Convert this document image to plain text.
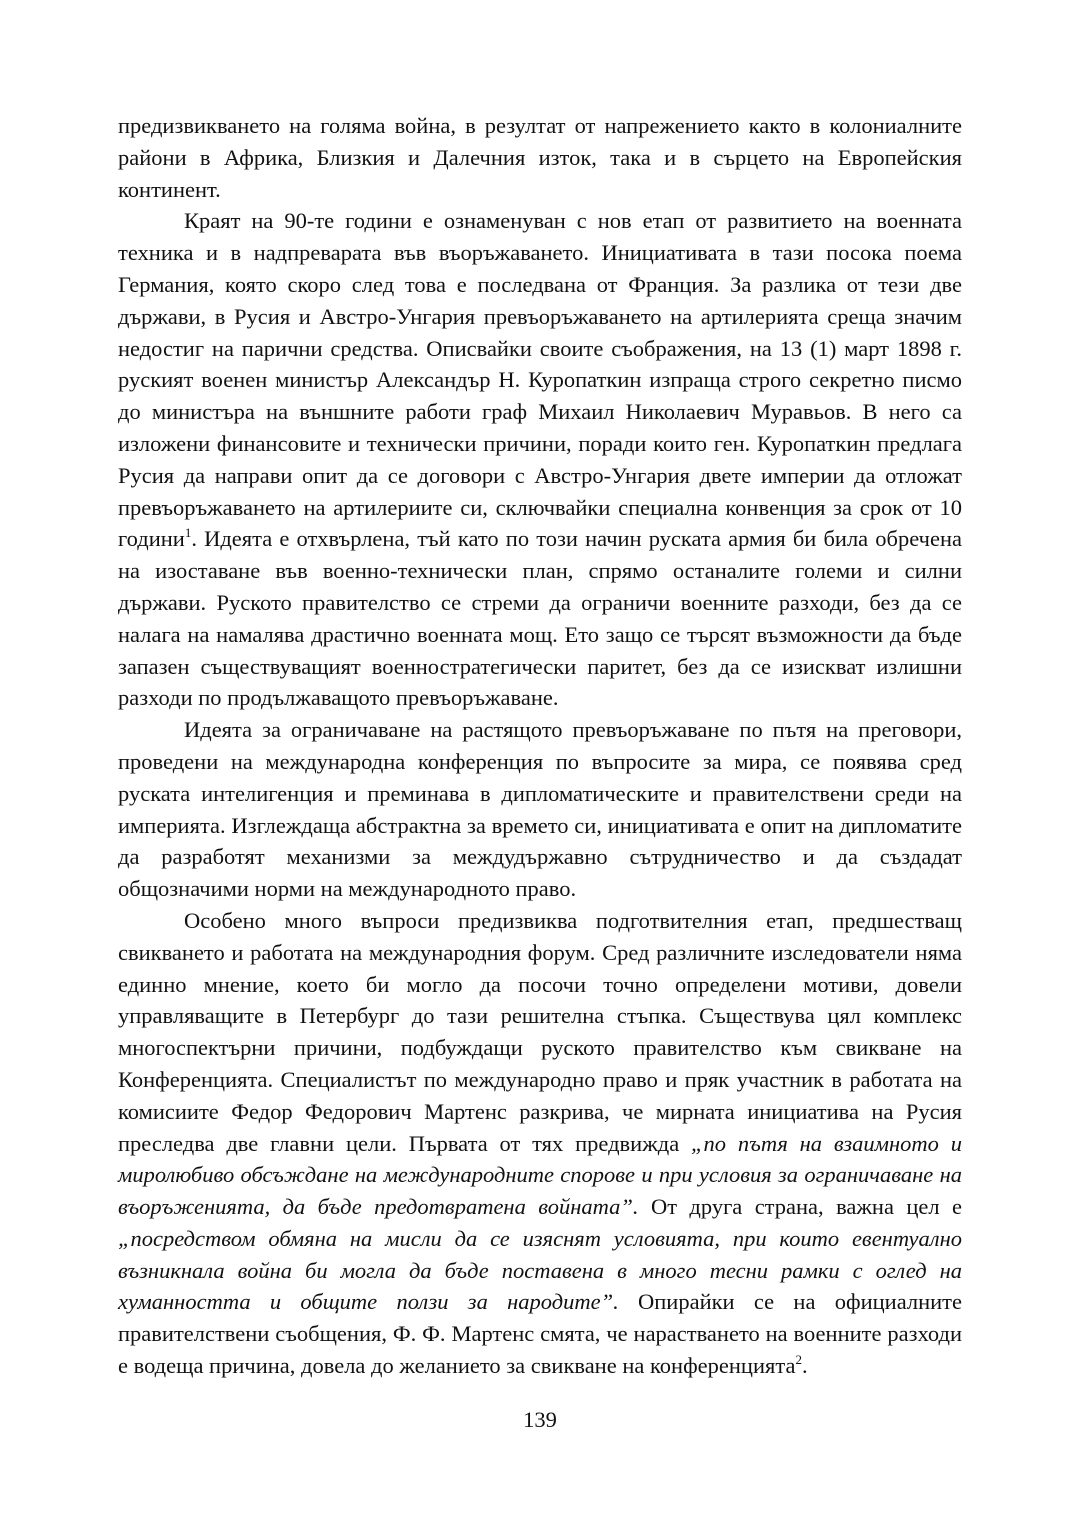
предизвикването на голяма война, в резултат от напрежението както в колониалните райони в Африка, Близкия и Далечния изток, така и в сърцето на Европейския континент.

Краят на 90-те години е ознаменуван с нов етап от развитието на военната техника и в надпреварата във въоръжаването. Инициативата в тази посока поема Германия, която скоро след това е последвана от Франция. За разлика от тези две държави, в Русия и Австро-Унгария превъоръжаването на артилерията среща значим недостиг на парични средства. Описвайки своите съображения, на 13 (1) март 1898 г. руският военен министър Александър Н. Куропаткин изпраща строго секретно писмо до министъра на външните работи граф Михаил Николаевич Муравьов. В него са изложени финансовите и технически причини, поради които ген. Куропаткин предлага Русия да направи опит да се договори с Австро-Унгария двете империи да отложат превъоръжаването на артилериите си, сключвайки специална конвенция за срок от 10 години$^1$. Идеята е отхвърлена, тъй като по този начин руската армия би била обречена на изоставане във военно-технически план, спрямо останалите големи и силни държави. Руското правителство се стреми да ограничи военните разходи, без да се налага на намалява драстично военната мощ. Ето защо се търсят възможности да бъде запазен съществуващият военностратегически паритет, без да се изискват излишни разходи по продължаващото превъоръжаване.

Идеята за ограничаване на растящото превъоръжаване по пътя на преговори, проведени на международна конференция по въпросите за мира, се появява сред руската интелигенция и преминава в дипломатическите и правителствени среди на империята. Изглеждаща абстрактна за времето си, инициативата е опит на дипломатите да разработят механизми за междудържавно сътрудничество и да създадат общозначими норми на международното право.

Особено много въпроси предизвиква подготвителния етап, предшестващ свикването и работата на международния форум. Сред различните изследователи няма единно мнение, което би могло да посочи точно определени мотиви, довели управляващите в Петербург до тази решителна стъпка. Съществува цял комплекс многоспектърни причини, подбуждащи руското правителство към свикване на Конференцията. Специалистът по международно право и пряк участник в работата на комисиите Федор Федорович Мартенс разкрива, че мирната инициатива на Русия преследва две главни цели. Първата от тях предвижда „по пътя на взаимното и миролюбиво обсъждане на международните спорове и при условия за ограничаване на въоръженията, да бъде предотвратена войната”. От друга страна, важна цел е „посредством обмяна на мисли да се изяснят условията, при които евентуално възникнала война би могла да бъде поставена в много тесни рамки с оглед на хуманността и общите ползи за народите”. Опирайки се на официалните правителствени съобщения, Ф. Ф. Мартенс смята, че нарастването на военните разходи е водеща причина, довела до желанието за свикване на конференцията$^2$.

139
